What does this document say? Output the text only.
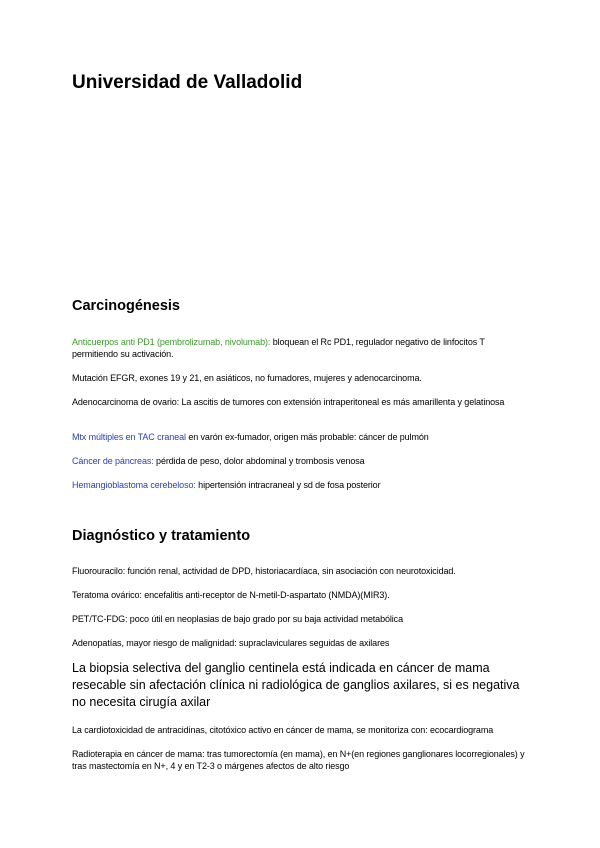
Universidad de Valladolid
Carcinogénesis
Anticuerpos anti PD1 (pembrolizumab, nivolumab): bloquean el Rc PD1, regulador negativo de linfocitos T permitiendo su activación.
Mutación EFGR, exones 19 y 21, en asiáticos, no fumadores, mujeres y adenocarcinoma.
Adenocarcinoma de ovario: La ascitis de tumores con extensión intraperitoneal es más amarillenta y gelatinosa
Mtx múltiples en TAC craneal en varón ex-fumador, origen más probable: cáncer de pulmón
Cáncer de páncreas: pérdida de peso, dolor abdominal y trombosis venosa
Hemangioblastoma cerebeloso: hipertensión intracraneal y sd de fosa posterior
Diagnóstico y tratamiento
Fluorouracilo: función renal, actividad de DPD, historiacardíaca, sin asociación con neurotoxicidad.
Teratoma ovárico: encefalitis anti-receptor de N-metil-D-aspartato (NMDA)(MIR3).
PET/TC-FDG: poco útil en neoplasias de bajo grado por su baja actividad metabólica
Adenopatías, mayor riesgo de malignidad: supraclaviculares seguidas de axilares
La biopsia selectiva del ganglio centinela está indicada en cáncer de mama resecable sin afectación clínica ni radiológica de ganglios axilares, si es negativa no necesita cirugía axilar
La cardiotoxicidad de antracidinas, citotóxico activo en cáncer de mama, se monitoriza con: ecocardiograma
Radioterapia en cáncer de mama: tras tumorectomía (en mama), en N+(en regiones ganglionares locorregionales) y tras mastectomía en N+, 4 y en T2-3 o márgenes afectos de alto riesgo
